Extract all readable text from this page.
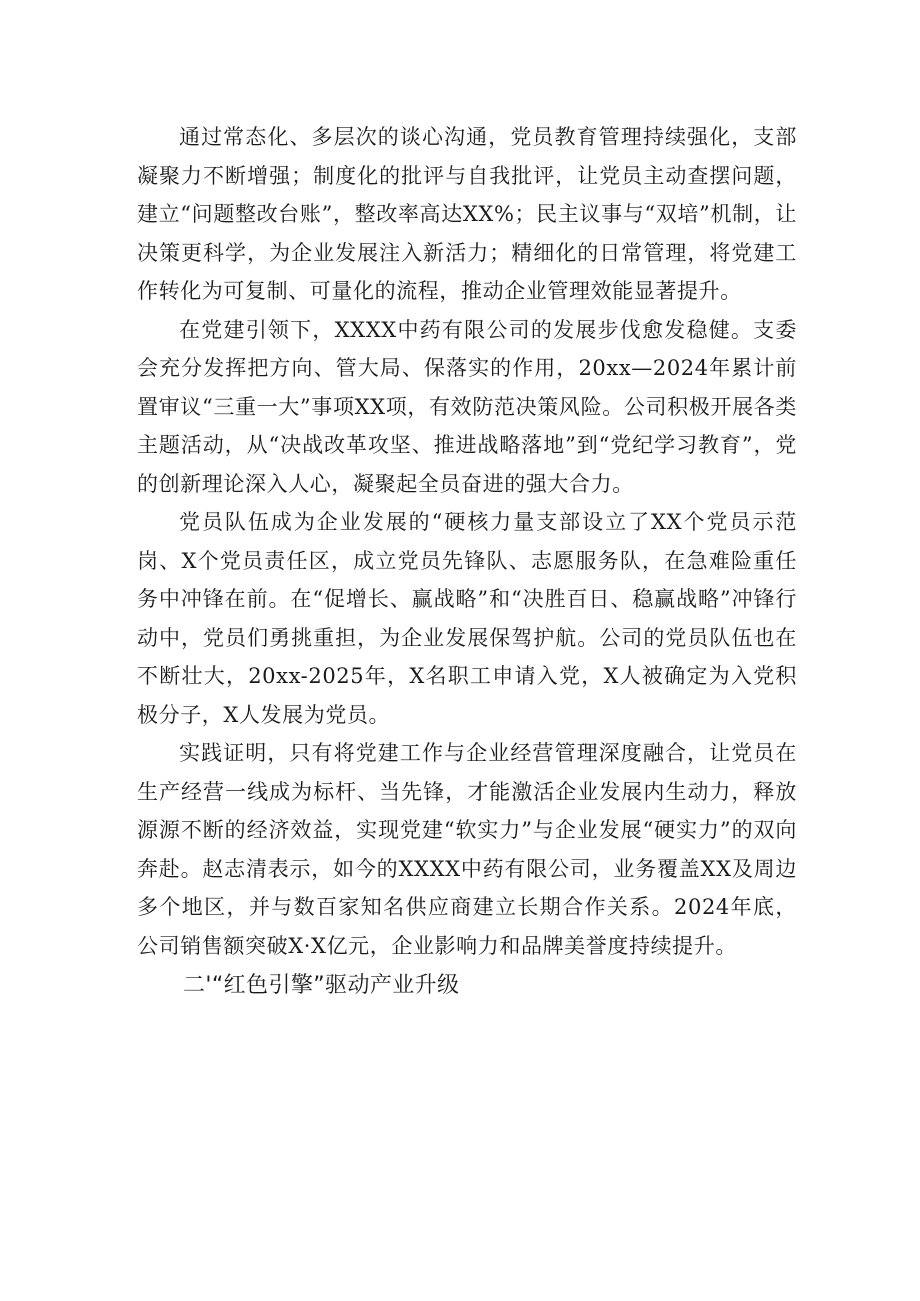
通过常态化、多层次的谈心沟通，党员教育管理持续强化，支部凝聚力不断增强；制度化的批评与自我批评，让党员主动查摆问题，建立“问题整改台账”，整改率高达XX%；民主议事与“双培”机制，让决策更科学，为企业发展注入新活力；精细化的日常管理，将党建工作转化为可复制、可量化的流程，推动企业管理效能显著提升。

在党建引领下，XXXX中药有限公司的发展步伐愈发稳健。支委会充分发挥把方向、管大局、保落实的作用，20xx—2024年累计前置审议“三重一大”事项XX项，有效防范决策风险。公司积极开展各类主题活动，从“决战改革攻坚、推进战略落地”到“党纪学习教育”，党的创新理论深入人心，凝聚起全员奋进的强大合力。

党员队伍成为企业发展的“硬核力量支部设立了XX个党员示范岗、X个党员责任区，成立党员先锋队、志愿服务队，在急难险重任务中冲锋在前。在“促增长、赢战略”和“决胜百日、稳赢战略”冲锋行动中，党员们勇挑重担，为企业发展保驾护航。公司的党员队伍也在不断壮大，20xx-2025年，X名职工申请入党，X人被确定为入党积极分子，X人发展为党员。

实践证明，只有将党建工作与企业经营管理深度融合，让党员在生产经营一线成为标杆、当先锋，才能激活企业发展内生动力，释放源源不断的经济效益，实现党建“软实力”与企业发展“硬实力”的双向奔赴。赵志清表示，如今的XXXX中药有限公司，业务覆盖XX及周边多个地区，并与数百家知名供应商建立长期合作关系。2024年底，公司销售额突破X·X亿元，企业影响力和品牌美誉度持续提升。

二'“红色引擎”驱动产业升级
